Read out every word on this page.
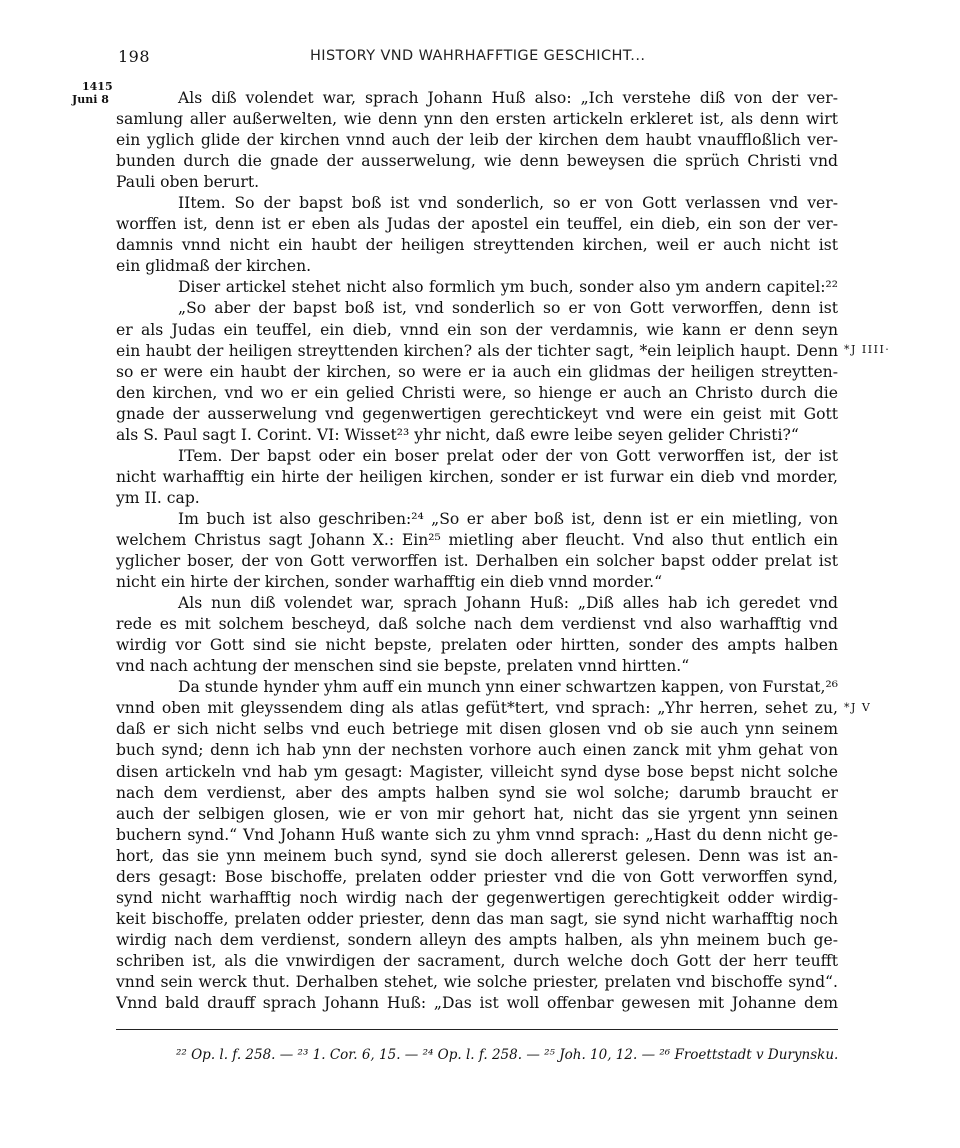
198	HISTORY VND WAHRHAFFTIGE GESCHICHT...
1415
Juni 8
*J IIII·
*J V
Als diß volendet war, sprach Johann Huß also: „Ich verstehe diß von der ver-
samlung aller außerwelten, wie denn ynn den ersten artickeln erkleret ist, als denn wirt
ein yglich glide der kirchen vnnd auch der leib der kirchen dem haubt vnauffloßlich ver-
bunden durch die gnade der ausserwelung, wie denn beweysen die sprüch Christi vnd
Pauli oben berurt.
IItem. So der bapst boß ist vnd sonderlich, so er von Gott verlassen vnd ver-
worffen ist, denn ist er eben als Judas der apostel ein teuffel, ein dieb, ein son der ver-
damnis vnnd nicht ein haubt der heiligen streyttenden kirchen, weil er auch nicht ist
ein glidmaß der kirchen.
Diser artickel stehet nicht also formlich ym buch, sonder also ym andern capitel:²²
„So aber der bapst boß ist, vnd sonderlich so er von Gott verworffen, denn ist
er als Judas ein teuffel, ein dieb, vnnd ein son der verdamnis, wie kann er denn seyn
ein haubt der heiligen streyttenden kirchen? als der tichter sagt, *ein leiplich haupt. Denn
so er were ein haubt der kirchen, so were er ia auch ein glidmas der heiligen streytten-
den kirchen, vnd wo er ein gelied Christi were, so hienge er auch an Christo durch die
gnade der ausserwelung vnd gegenwertigen gerechtickeyt vnd were ein geist mit Gott
als S. Paul sagt I. Corint. VI: Wisset²³ yhr nicht, daß ewre leibe seyen gelider Christi?“
ITem. Der bapst oder ein boser prelat oder der von Gott verworffen ist, der ist
nicht warhafftig ein hirte der heiligen kirchen, sonder er ist furwar ein dieb vnd morder,
ym II. cap.
Im buch ist also geschriben:²⁴ „So er aber boß ist, denn ist er ein mietling, von
welchem Christus sagt Johann X.: Ein²⁵ mietling aber fleucht. Vnd also thut entlich ein
yglicher boser, der von Gott verworffen ist. Derhalben ein solcher bapst odder prelat ist
nicht ein hirte der kirchen, sonder warhafftig ein dieb vnnd morder.“
Als nun diß volendet war, sprach Johann Huß: „Diß alles hab ich geredet vnd
rede es mit solchem bescheyd, daß solche nach dem verdienst vnd also warhafftig vnd
wirdig vor Gott sind sie nicht bepste, prelaten oder hirtten, sonder des ampts halben
vnd nach achtung der menschen sind sie bepste, prelaten vnnd hirtten.“
Da stunde hynder yhm auff ein munch ynn einer schwartzen kappen, von Furstat,²⁶
vnnd oben mit gleyssendem ding als atlas gefüt*tert, vnd sprach: „Yhr herren, sehet zu,
daß er sich nicht selbs vnd euch betriege mit disen glosen vnd ob sie auch ynn seinem
buch synd; denn ich hab ynn der nechsten vorhore auch einen zanck mit yhm gehat von
disen artickeln vnd hab ym gesagt: Magister, villeicht synd dyse bose bepst nicht solche
nach dem verdienst, aber des ampts halben synd sie wol solche; darumb braucht er
auch der selbigen glosen, wie er von mir gehort hat, nicht das sie yrgent ynn seinen
buchern synd.“ Vnd Johann Huß wante sich zu yhm vnnd sprach: „Hast du denn nicht ge-
hort, das sie ynn meinem buch synd, synd sie doch allererst gelesen. Denn was ist an-
ders gesagt: Bose bischoffe, prelaten odder priester vnd die von Gott verworffen synd,
synd nicht warhafftig noch wirdig nach der gegenwertigen gerechtigkeit odder wirdig-
keit bischoffe, prelaten odder priester, denn das man sagt, sie synd nicht warhafftig noch
wirdig nach dem verdienst, sondern alleyn des ampts halben, als yhn meinem buch ge-
schriben ist, als die vnwirdigen der sacrament, durch welche doch Gott der herr teufft
vnnd sein werck thut. Derhalben stehet, wie solche priester, prelaten vnd bischoffe synd“.
Vnnd bald drauff sprach Johann Huß: „Das ist woll offenbar gewesen mit Johanne dem
²² Op. l. f. 258. — ²³ 1. Cor. 6, 15. — ²⁴ Op. l. f. 258. — ²⁵ Joh. 10, 12. — ²⁶ Froettstadt v Durynsku.
